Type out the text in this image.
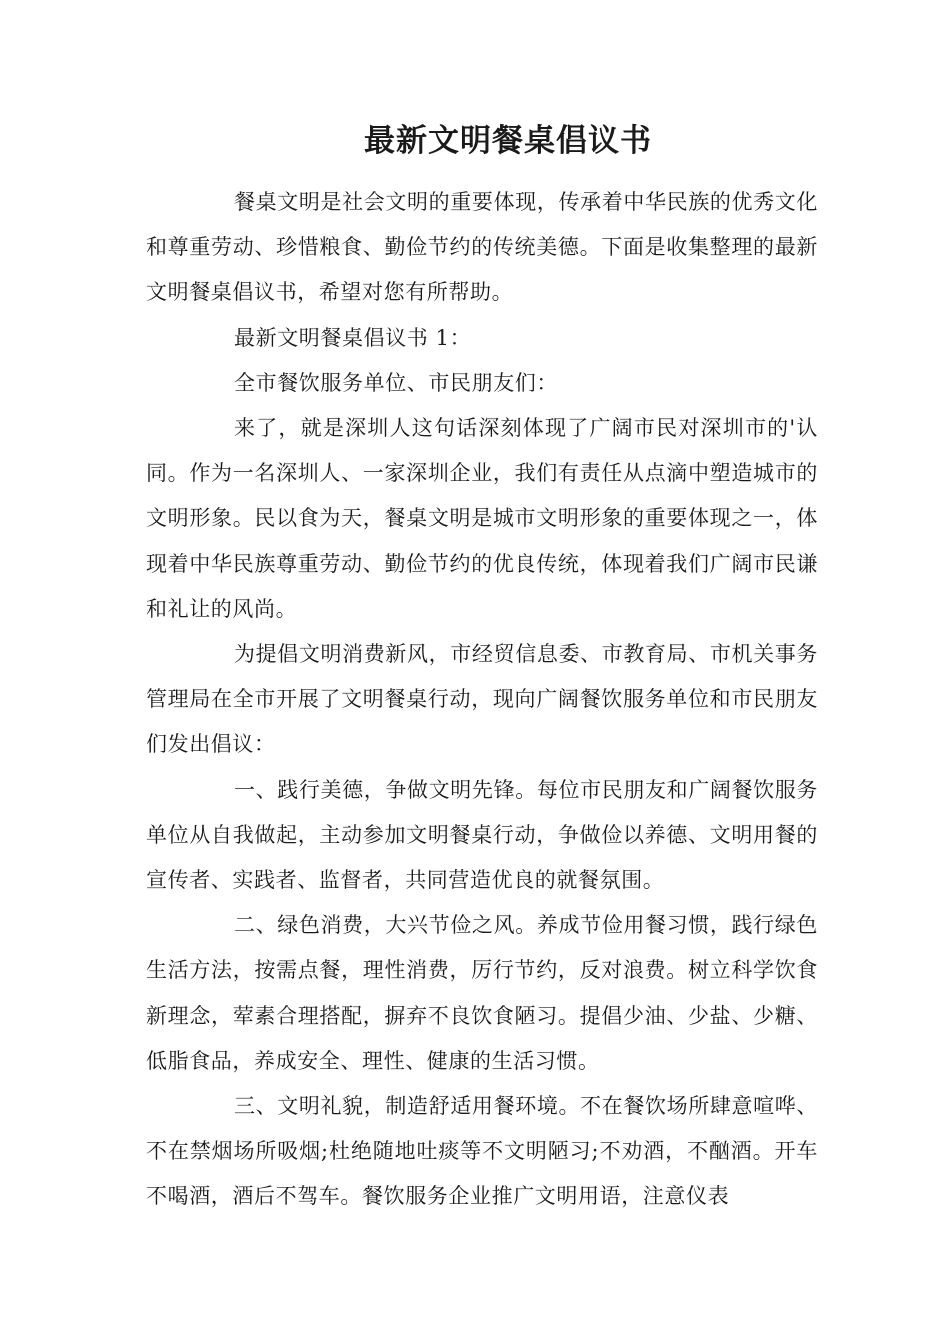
最新文明餐桌倡议书

餐桌文明是社会文明的重要体现，传承着中华民族的优秀文化和尊重劳动、珍惜粮食、勤俭节约的传统美德。下面是收集整理的最新文明餐桌倡议书，希望对您有所帮助。

最新文明餐桌倡议书 1：

全市餐饮服务单位、市民朋友们：

来了，就是深圳人这句话深刻体现了广阔市民对深圳市的'认同。作为一名深圳人、一家深圳企业，我们有责任从点滴中塑造城市的文明形象。民以食为天，餐桌文明是城市文明形象的重要体现之一，体现着中华民族尊重劳动、勤俭节约的优良传统，体现着我们广阔市民谦和礼让的风尚。

为提倡文明消费新风，市经贸信息委、市教育局、市机关事务管理局在全市开展了文明餐桌行动，现向广阔餐饮服务单位和市民朋友们发出倡议：

一、践行美德，争做文明先锋。每位市民朋友和广阔餐饮服务单位从自我做起，主动参加文明餐桌行动，争做俭以养德、文明用餐的宣传者、实践者、监督者，共同营造优良的就餐氛围。

二、绿色消费，大兴节俭之风。养成节俭用餐习惯，践行绿色生活方法，按需点餐，理性消费，厉行节约，反对浪费。树立科学饮食新理念，荤素合理搭配，摒弃不良饮食陋习。提倡少油、少盐、少糖、低脂食品，养成安全、理性、健康的生活习惯。

三、文明礼貌，制造舒适用餐环境。不在餐饮场所肆意喧哗、不在禁烟场所吸烟;杜绝随地吐痰等不文明陋习;不劝酒，不酗酒。开车不喝酒，酒后不驾车。餐饮服务企业推广文明用语，注意仪表
